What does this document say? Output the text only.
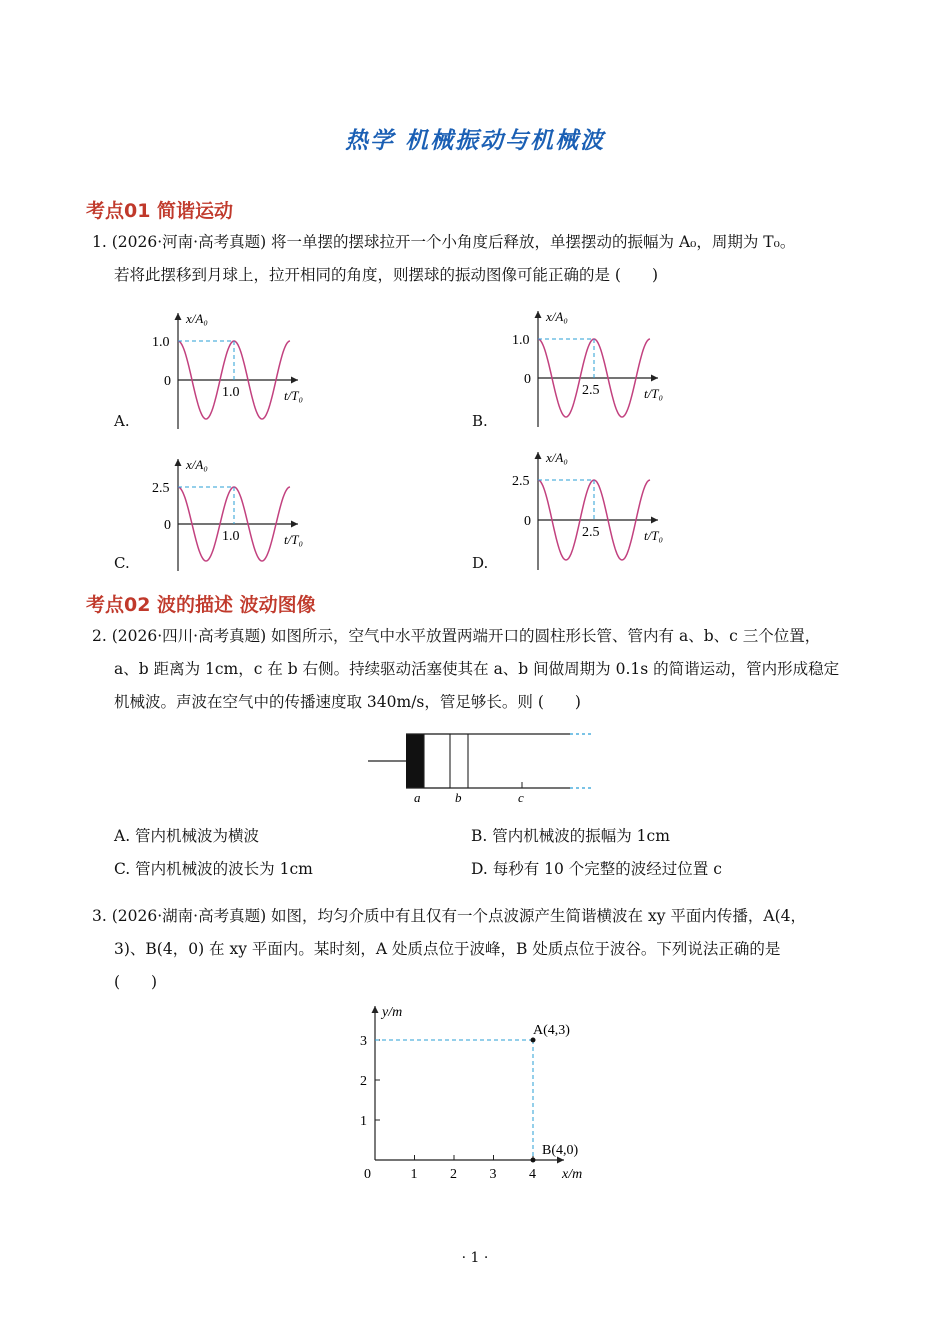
热学 机械振动与机械波
考点01 简谐运动
1. (2026·河南·高考真题) 将一单摆的摆球拉开一个小角度后释放，单摆摆动的振幅为 A₀，周期为 T₀。

若将此摆移到月球上，拉开相同的角度，则摆球的振动图像可能正确的是 (　　)
1.0
0
1.0
x/A₀
t/T₀
A.
1.0
0
2.5
x/A₀
t/T₀
B.
2.5
0
1.0
x/A₀
t/T₀
C.
2.5
0
2.5
x/A₀
t/T₀
D.
考点02 波的描述 波动图像
2. (2026·四川·高考真题) 如图所示，空气中水平放置两端开口的圆柱形长管、管内有 a、b、c 三个位置，

a、b 距离为 1cm，c 在 b 右侧。持续驱动活塞使其在 a、b 间做周期为 0.1s 的简谐运动，管内形成稳定
机械波。声波在空气中的传播速度取 340m/s，管足够长。则 (　　)
a	b	c
A. 管内机械波为横波	B. 管内机械波的振幅为 1cm
C. 管内机械波的波长为 1cm	D. 每秒有 10 个完整的波经过位置 c
3. (2026·湖南·高考真题) 如图，均匀介质中有且仅有一个点波源产生简谐横波在 xy 平面内传播，A(4，

3)、B(4，0) 在 xy 平面内。某时刻，A 处质点位于波峰，B 处质点位于波谷。下列说法正确的是
(　　)
1 2 3 4
1
2
3
A(4,3)
B(4,0)
y/m
x/m
0
· 1 ·
